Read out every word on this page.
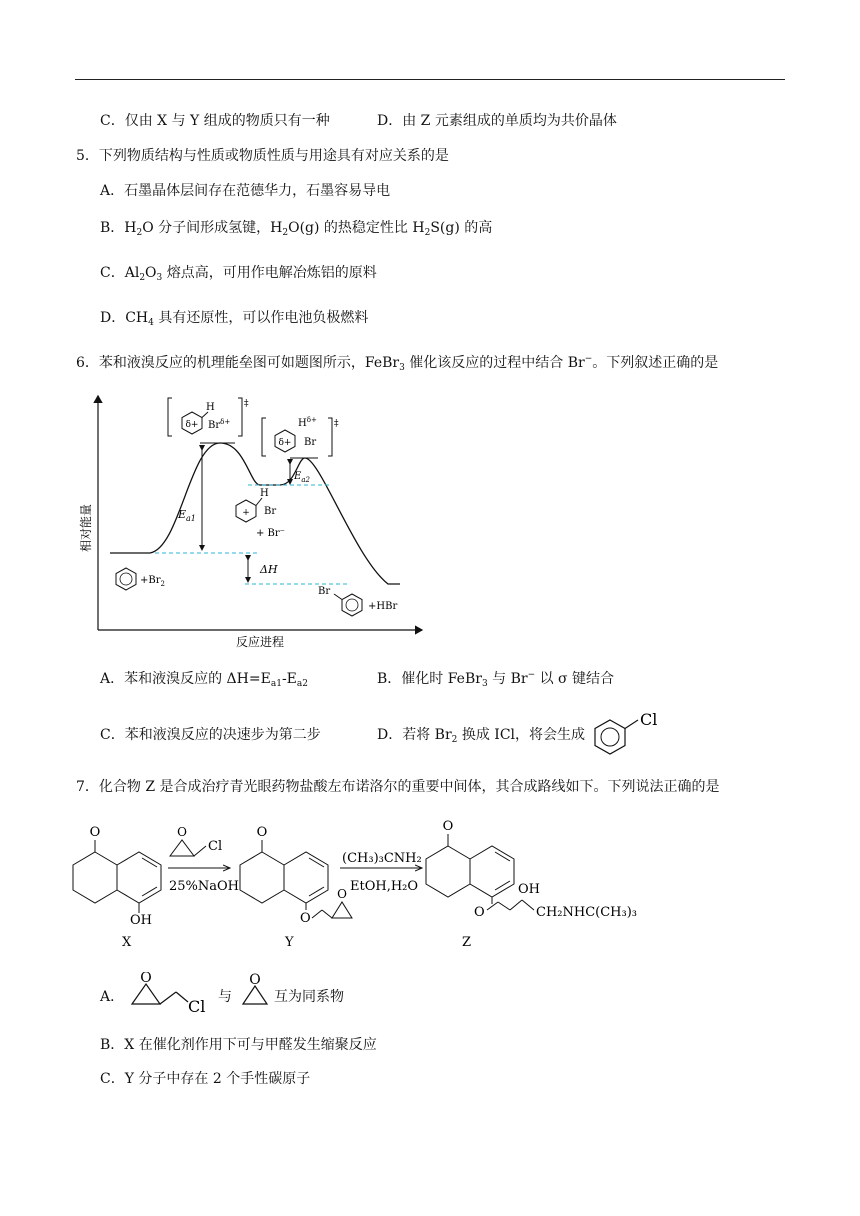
C．仅由 X 与 Y 组成的物质只有一种	D．由 Z 元素组成的单质均为共价晶体
5．下列物质结构与性质或物质性质与用途具有对应关系的是
A．石墨晶体层间存在范德华力，石墨容易导电
B．$H_2O$ 分子间形成氢键，$H_2O(g)$ 的热稳定性比 $H_2S(g)$ 的高
C．$Al_2O_3$ 熔点高，可用作电解冶炼铝的原料
D．$CH_4$ 具有还原性，可以作电池负极燃料
6．苯和液溴反应的机理能垒图可如题图所示，FeBr$_3$ 催化该反应的过程中结合 Br−。下列叙述正确的是
相对能量
反应进程
$E_{a1}$
$E_{a2}$
ΔH
‡
δ+
H
$Br^{\delta+}$	‡
δ+
$H^{\delta+}$
Br
+
H
Br
+ Br⁻
$+Br_2$
Br
+HBr
A．苯和液溴反应的 $\Delta H=E_{a1}-E_{a2}$	B．催化时 FeBr$_3$ 与 Br− 以 σ 键结合
C．苯和液溴反应的决速步为第二步	D．若将 $Br_2$ 换成 ICl，将会生成
Cl
7．化合物 Z 是合成治疗青光眼药物盐酸左布诺洛尔的重要中间体，其合成路线如下。下列说法正确的是
O
OH
X
O
Cl
25%NaOH
O
O
O
Y
(CH₃)₃CNH₂
EtOH,H₂O
O
O
OH
CH₂NHC(CH₃)₃
Z
A．
O
Cl 与
O
互为同系物
B．X 在催化剂作用下可与甲醛发生缩聚反应
C．Y 分子中存在 2 个手性碳原子
